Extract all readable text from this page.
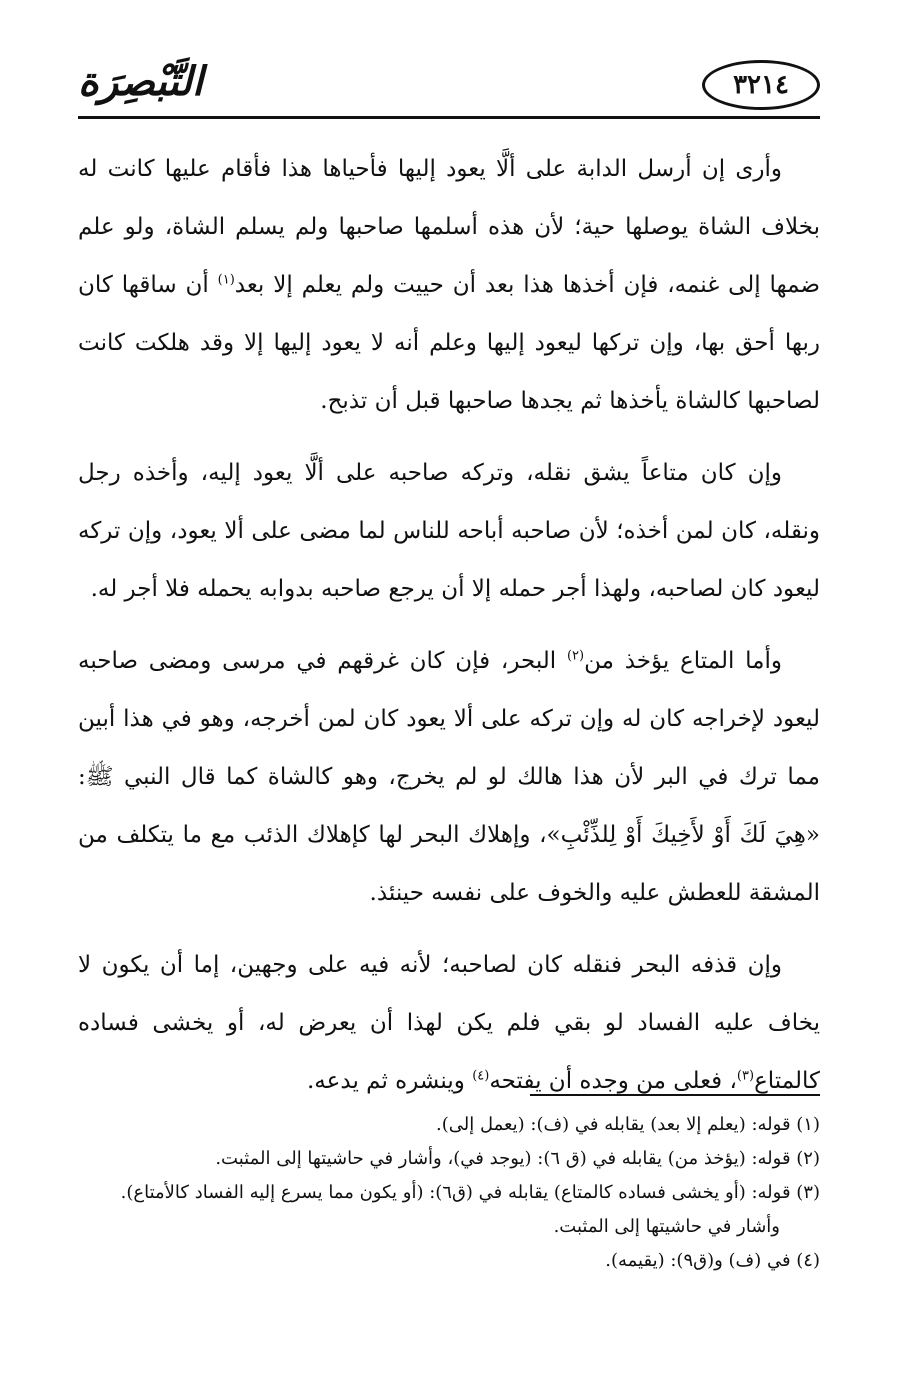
٣٢١٤
التَّبْصِرَة

وأرى إن أرسل الدابة على ألَّا يعود إليها فأحياها هذا فأقام عليها كانت له بخلاف الشاة يوصلها حية؛ لأن هذه أسلمها صاحبها ولم يسلم الشاة، ولو علم ضمها إلى غنمه، فإن أخذها هذا بعد أن حييت ولم يعلم إلا بعد$^{(١)}$ أن ساقها كان ربها أحق بها، وإن تركها ليعود إليها وعلم أنه لا يعود إليها إلا وقد هلكت كانت لصاحبها كالشاة يأخذها ثم يجدها صاحبها قبل أن تذبح.

وإن كان متاعاً يشق نقله، وتركه صاحبه على ألَّا يعود إليه، وأخذه رجل ونقله، كان لمن أخذه؛ لأن صاحبه أباحه للناس لما مضى على ألا يعود، وإن تركه ليعود كان لصاحبه، ولهذا أجر حمله إلا أن يرجع صاحبه بدوابه يحمله فلا أجر له.

وأما المتاع يؤخذ من$^{(٢)}$ البحر، فإن كان غرقهم في مرسى ومضى صاحبه ليعود لإخراجه كان له وإن تركه على ألا يعود كان لمن أخرجه، وهو في هذا أبين مما ترك في البر لأن هذا هالك لو لم يخرج، وهو كالشاة كما قال النبي ﷺ: «هِيَ لَكَ أَوْ لأَخِيكَ أَوْ لِلذِّئْبِ»، وإهلاك البحر لها كإهلاك الذئب مع ما يتكلف من المشقة للعطش عليه والخوف على نفسه حينئذ.

وإن قذفه البحر فنقله كان لصاحبه؛ لأنه فيه على وجهين، إما أن يكون لا يخاف عليه الفساد لو بقي فلم يكن لهذا أن يعرض له، أو يخشى فساده كالمتاع$^{(٣)}$، فعلى من وجده أن يفتحه$^{(٤)}$ وينشره ثم يدعه.

(١) قوله: (يعلم إلا بعد) يقابله في (ف): (يعمل إلى).

(٢) قوله: (يؤخذ من) يقابله في (ق ٦): (يوجد في)، وأشار في حاشيتها إلى المثبت.

(٣) قوله: (أو يخشى فساده كالمتاع) يقابله في (ق٦): (أو يكون مما يسرع إليه الفساد كالأمتاع).

وأشار في حاشيتها إلى المثبت.

(٤) في (ف) و(ق٩): (يقيمه).
